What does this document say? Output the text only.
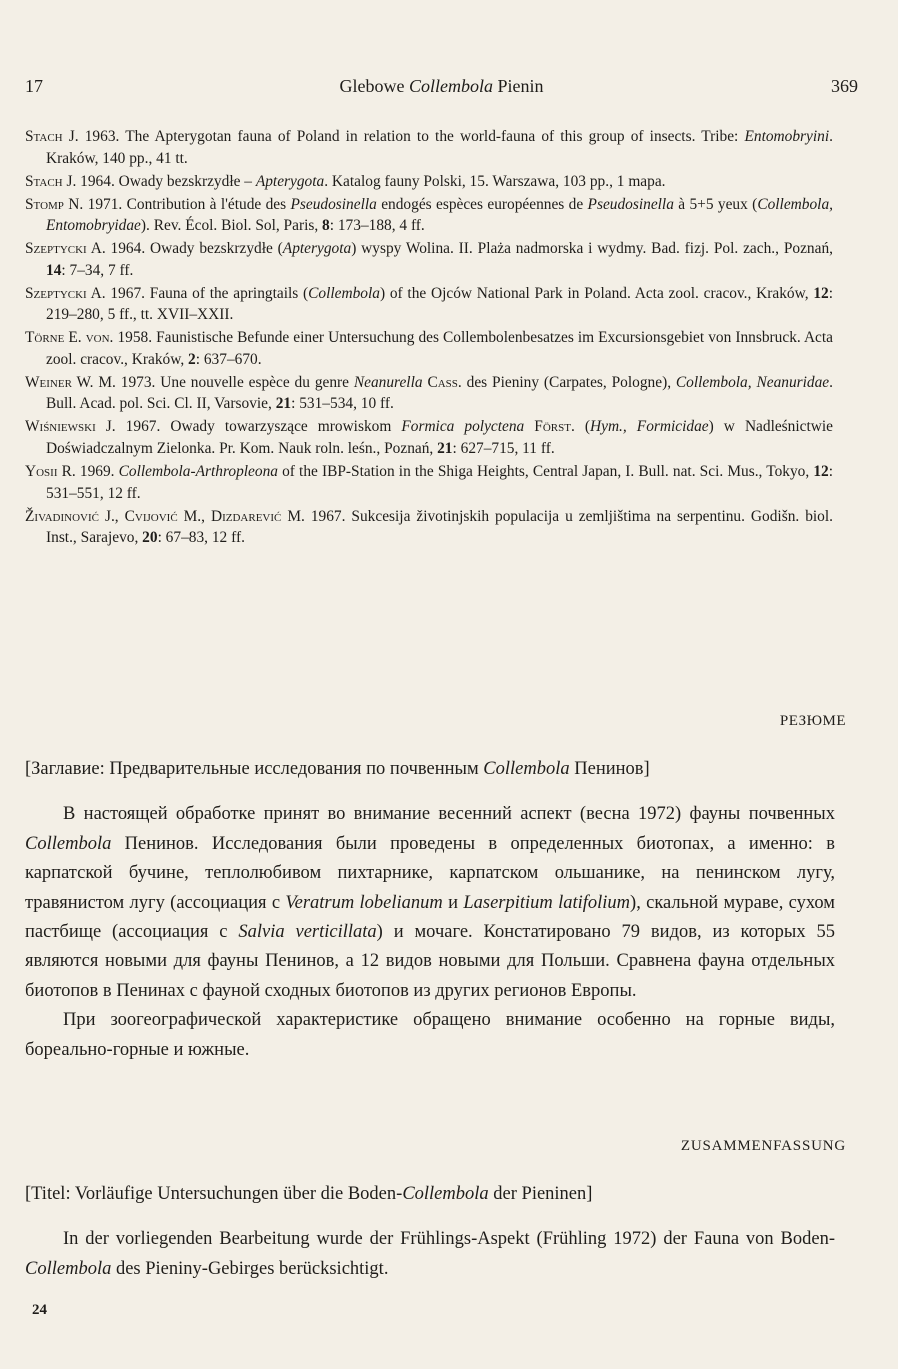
17	Glebowe Collembola Pienin	369

Stach J. 1963. The Apterygotan fauna of Poland in relation to the world-fauna of this group of insects. Tribe: Entomobryini. Kraków, 140 pp., 41 tt.

Stach J. 1964. Owady bezskrzydłe – Apterygota. Katalog fauny Polski, 15. Warszawa, 103 pp., 1 mapa.

Stomp N. 1971. Contribution à l'étude des Pseudosinella endogés espèces européennes de Pseudosinella à 5+5 yeux (Collembola, Entomobryidae). Rev. Écol. Biol. Sol, Paris, 8: 173–188, 4 ff.

Szeptycki A. 1964. Owady bezskrzydłe (Apterygota) wyspy Wolina. II. Plaża nadmorska i wydmy. Bad. fizj. Pol. zach., Poznań, 14: 7–34, 7 ff.

Szeptycki A. 1967. Fauna of the apringtails (Collembola) of the Ojców National Park in Poland. Acta zool. cracov., Kraków, 12: 219–280, 5 ff., tt. XVII–XXII.

Törne E. von. 1958. Faunistische Befunde einer Untersuchung des Collembolenbesatzes im Excursionsgebiet von Innsbruck. Acta zool. cracov., Kraków, 2: 637–670.

Weiner W. M. 1973. Une nouvelle espèce du genre Neanurella Cass. des Pieniny (Carpates, Pologne), Collembola, Neanuridae. Bull. Acad. pol. Sci. Cl. II, Varsovie, 21: 531–534, 10 ff.

Wiśniewski J. 1967. Owady towarzyszące mrowiskom Formica polyctena Först. (Hym., Formicidae) w Nadleśnictwie Doświadczalnym Zielonka. Pr. Kom. Nauk roln. leśn., Poznań, 21: 627–715, 11 ff.

Yosii R. 1969. Collembola-Arthropleona of the IBP-Station in the Shiga Heights, Central Japan, I. Bull. nat. Sci. Mus., Tokyo, 12: 531–551, 12 ff.

Živadinović J., Cvijović M., Dizdarević M. 1967. Sukcesija životinjskih populacija u zemljištima na serpentinu. Godišn. biol. Inst., Sarajevo, 20: 67–83, 12 ff.

РЕЗЮМЕ

[Заглавие: Предварительные исследования по почвенным Collembola Пенинов]

В настоящей обработке принят во внимание весенний аспект (весна 1972) фауны почвенных Collembola Пенинов. Исследования были проведены в определенных биотопах, а именно: в карпатской бучине, теплолюбивом пихтарнике, карпатском ольшанике, на пенинском лугу, травянистом лугу (ассоциация с Veratrum lobelianum и Laserpitium latifolium), скальной мураве, сухом пастбище (ассоциация с Salvia verticillata) и мочаге. Констатировано 79 видов, из которых 55 являются новыми для фауны Пенинов, а 12 видов новыми для Польши. Сравнена фауна отдельных биотопов в Пенинах с фауной сходных биотопов из других регионов Европы.

При зоогеографической характеристике обращено внимание особенно на горные виды, бореально-горные и южные.

ZUSAMMENFASSUNG

[Titel: Vorläufige Untersuchungen über die Boden-Collembola der Pieninen]

In der vorliegenden Bearbeitung wurde der Frühlings-Aspekt (Frühling 1972) der Fauna von Boden-Collembola des Pieniny-Gebirges berücksichtigt.

24
